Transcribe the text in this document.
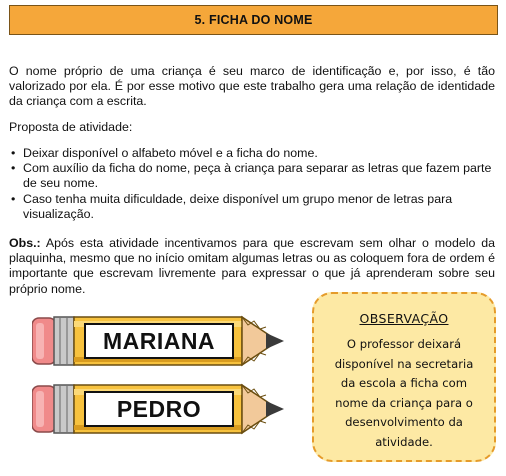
5. FICHA DO NOME
O nome próprio de uma criança é seu marco de identificação e, por isso, é tão valorizado por ela. É por esse motivo que este trabalho gera uma relação de identidade da criança com a escrita.
Proposta de atividade:
• Deixar disponível o alfabeto móvel e a ficha do nome.
• Com auxílio da ficha do nome, peça à criança para separar as letras que fazem parte de seu nome.
• Caso tenha muita dificuldade, deixe disponível um grupo menor de letras para visualização.
Obs.: Após esta atividade incentivamos para que escrevam sem olhar o modelo da plaquinha, mesmo que no início omitam algumas letras ou as coloquem fora de ordem é importante que escrevam livremente para expressar o que já aprenderam sobre seu próprio nome.
MARIANA
PEDRO
OBSERVAÇÃO
O professor deixará disponível na secretaria da escola a ficha com nome da criança para o desenvolvimento da atividade.
